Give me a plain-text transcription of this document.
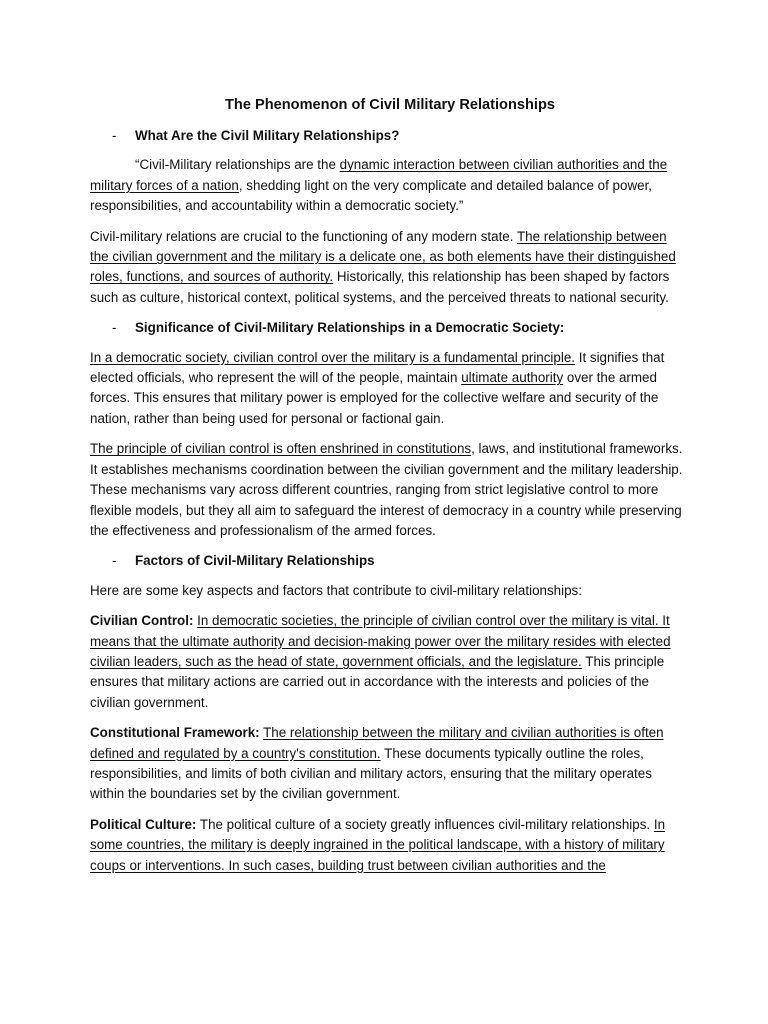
The Phenomenon of Civil Military Relationships
- What Are the Civil Military Relationships?

“Civil-Military relationships are the dynamic interaction between civilian authorities and the military forces of a nation, shedding light on the very complicate and detailed balance of power, responsibilities, and accountability within a democratic society.”

Civil-military relations are crucial to the functioning of any modern state. The relationship between the civilian government and the military is a delicate one, as both elements have their distinguished roles, functions, and sources of authority. Historically, this relationship has been shaped by factors such as culture, historical context, political systems, and the perceived threats to national security.

- Significance of Civil-Military Relationships in a Democratic Society:

In a democratic society, civilian control over the military is a fundamental principle. It signifies that elected officials, who represent the will of the people, maintain ultimate authority over the armed forces. This ensures that military power is employed for the collective welfare and security of the nation, rather than being used for personal or factional gain.

The principle of civilian control is often enshrined in constitutions, laws, and institutional frameworks. It establishes mechanisms coordination between the civilian government and the military leadership. These mechanisms vary across different countries, ranging from strict legislative control to more flexible models, but they all aim to safeguard the interest of democracy in a country while preserving the effectiveness and professionalism of the armed forces.

- Factors of Civil-Military Relationships

Here are some key aspects and factors that contribute to civil-military relationships:

Civilian Control: In democratic societies, the principle of civilian control over the military is vital. It means that the ultimate authority and decision-making power over the military resides with elected civilian leaders, such as the head of state, government officials, and the legislature. This principle ensures that military actions are carried out in accordance with the interests and policies of the civilian government.

Constitutional Framework: The relationship between the military and civilian authorities is often defined and regulated by a country's constitution. These documents typically outline the roles, responsibilities, and limits of both civilian and military actors, ensuring that the military operates within the boundaries set by the civilian government.

Political Culture: The political culture of a society greatly influences civil-military relationships. In some countries, the military is deeply ingrained in the political landscape, with a history of military coups or interventions. In such cases, building trust between civilian authorities and the
